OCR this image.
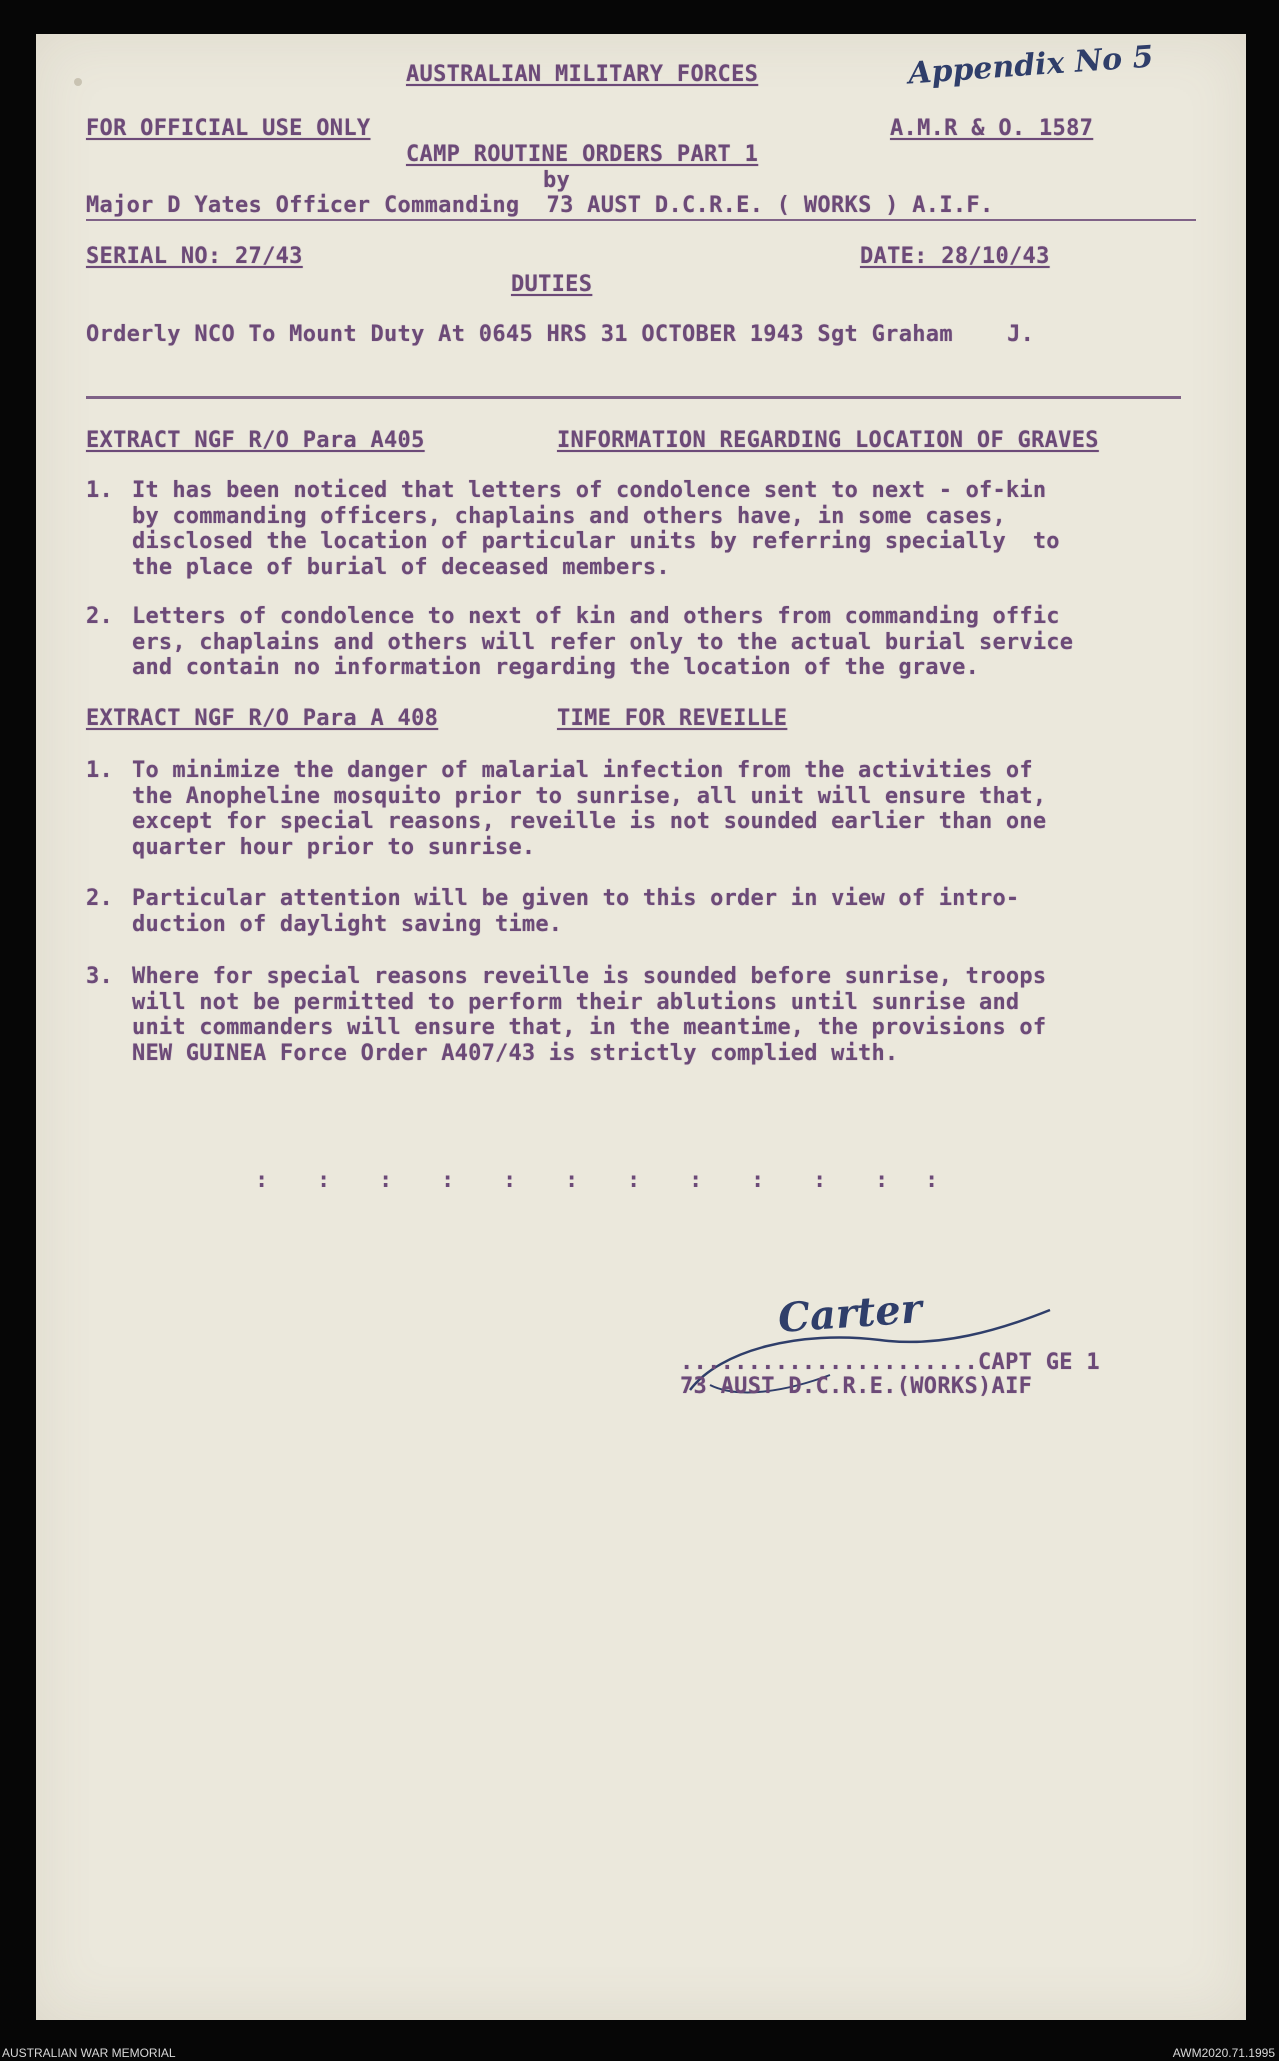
AUSTRALIAN MILITARY FORCES	Appendix No 5
FOR OFFICIAL USE ONLY	A.M.R & O. 1587
CAMP ROUTINE ORDERS PART 1
by
Major D Yates Officer Commanding  73 AUST D.C.R.E. ( WORKS ) A.I.F.
SERIAL NO: 27/43	DATE: 28/10/43
DUTIES
Orderly NCO To Mount Duty At 0645 HRS 31 OCTOBER 1943 Sgt Graham    J.
EXTRACT NGF R/O Para A405	INFORMATION REGARDING LOCATION OF GRAVES
1. It has been noticed that letters of condolence sent to next - of-kin
by commanding officers, chaplains and others have, in some cases,
disclosed the location of particular units by referring specially  to
the place of burial of deceased members.
2. Letters of condolence to next of kin and others from commanding offic
ers, chaplains and others will refer only to the actual burial service
and contain no information regarding the location of the grave.
EXTRACT NGF R/O Para A 408	TIME FOR REVEILLE
1. To minimize the danger of malarial infection from the activities of
the Anopheline mosquito prior to sunrise, all unit will ensure that,
except for special reasons, reveille is not sounded earlier than one
quarter hour prior to sunrise.
2. Particular attention will be given to this order in view of intro-
duction of daylight saving time.
3. Where for special reasons reveille is sounded before sunrise, troops
will not be permitted to perform their ablutions until sunrise and
unit commanders will ensure that, in the meantime, the provisions of
NEW GUINEA Force Order A407/43 is strictly complied with.
: : : : : : : : : : : :
Carter
......................CAPT GE 1
73 AUST D.C.R.E.(WORKS)AIF
AUSTRALIAN WAR MEMORIAL	AWM2020.71.1995
